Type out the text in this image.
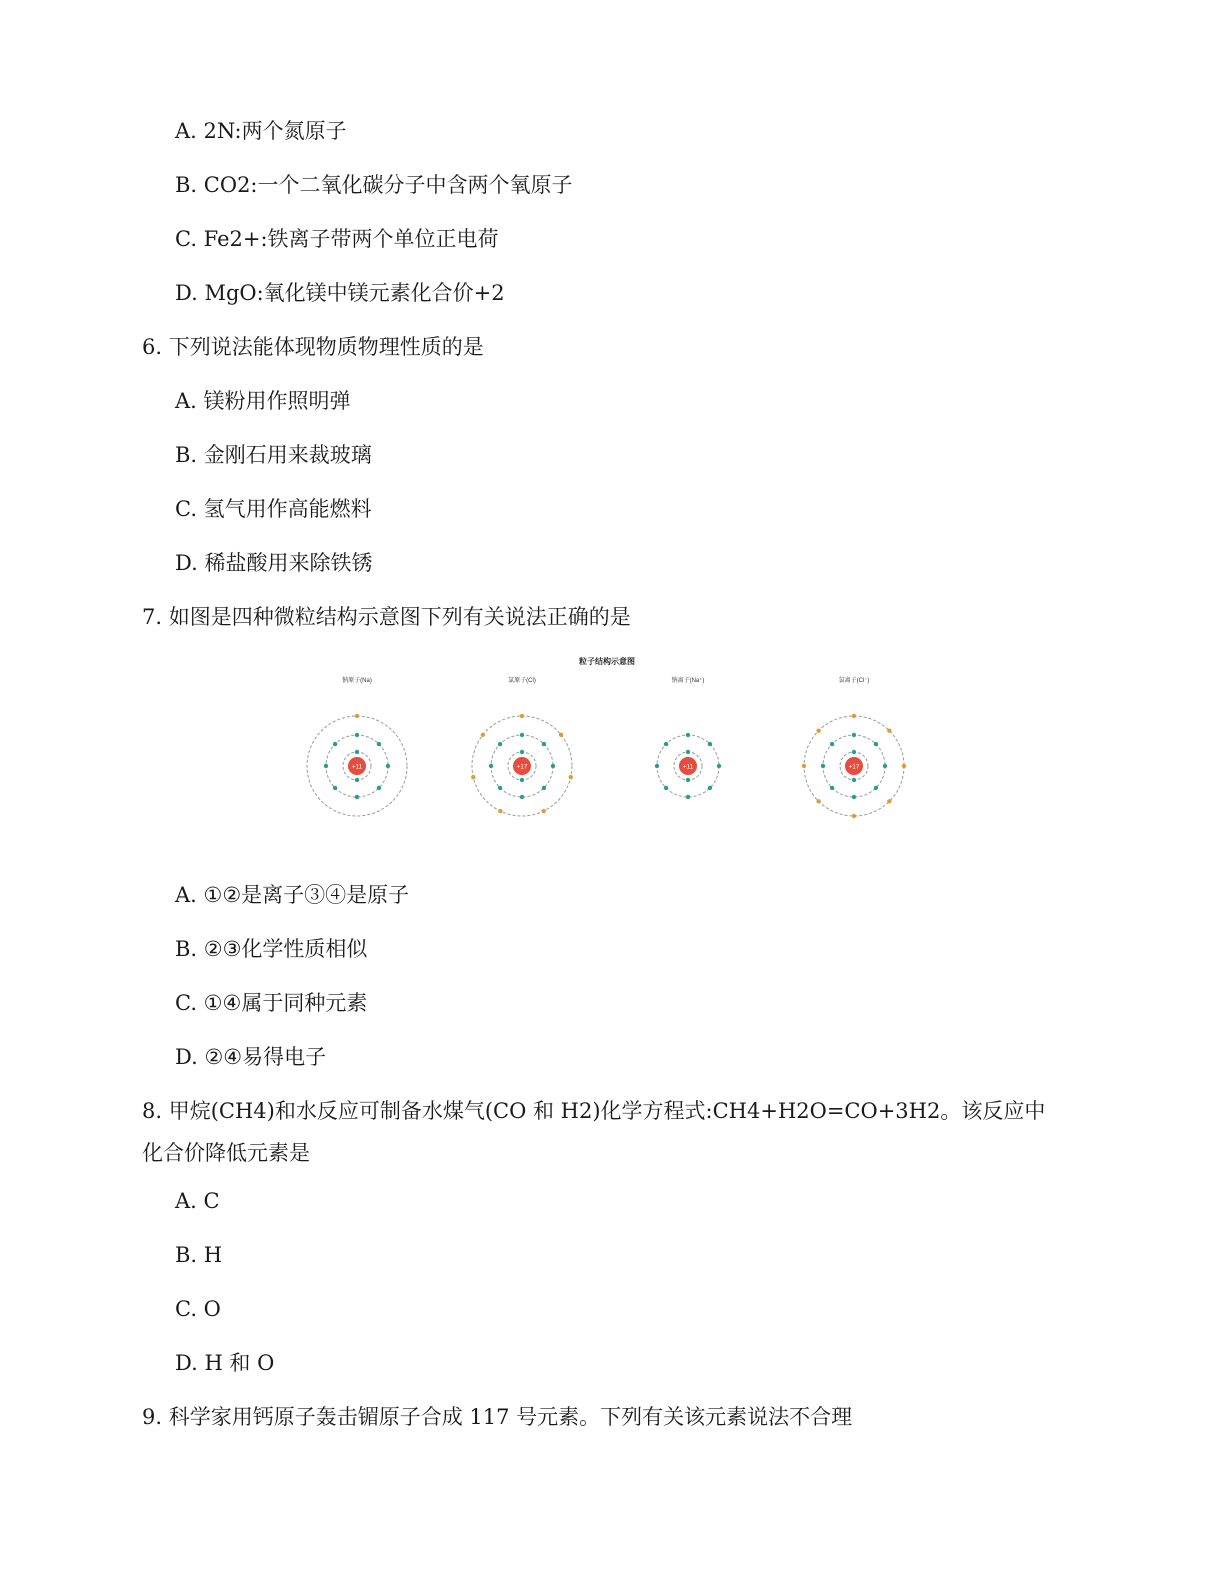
A. 2N:两个氮原子
B. CO2:一个二氧化碳分子中含两个氧原子
C. Fe2+:铁离子带两个单位正电荷
D. MgO:氧化镁中镁元素化合价+2
6. 下列说法能体现物质物理性质的是
A. 镁粉用作照明弹
B. 金刚石用来裁玻璃
C. 氢气用作高能燃料
D. 稀盐酸用来除铁锈
7. 如图是四种微粒结构示意图下列有关说法正确的是
粒子结构示意图
钠原子(Na)
+11
氯原子(Cl)
+17
钠离子(Na⁺)
+11
氯离子(Cl⁻)
+17
A. ①②是离子③④是原子
B. ②③化学性质相似
C. ①④属于同种元素
D. ②④易得电子
8. 甲烷(CH4)和水反应可制备水煤气(CO 和 H2)化学方程式:CH4+H2O=CO+3H2。该反应中
化合价降低元素是
A. C
B. H
C. O
D. H 和 O
9. 科学家用钙原子轰击镅原子合成 117 号元素。下列有关该元素说法不合理
